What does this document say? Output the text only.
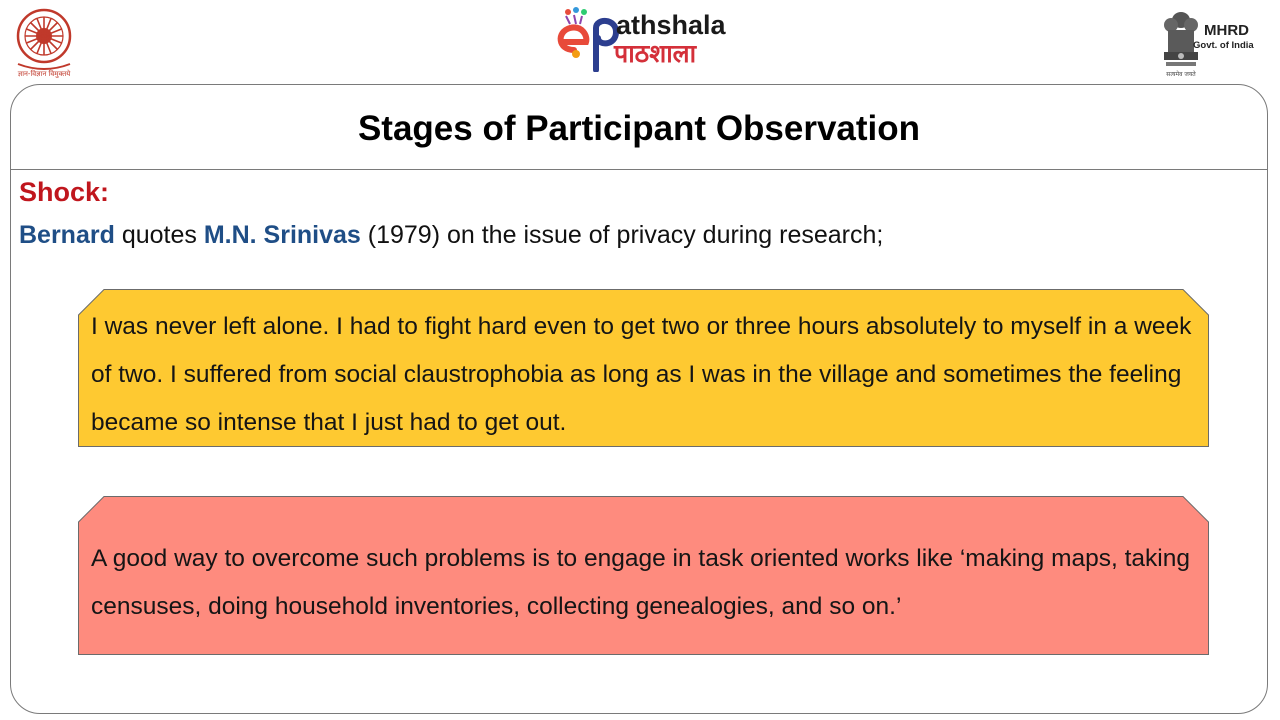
ज्ञान-विज्ञान विमुक्तये
athshala
पाठशाला
MHRD
Govt. of India
सत्यमेव जयते
Stages of Participant Observation
Shock:
Bernard quotes M.N. Srinivas (1979) on the issue of privacy during research;
I was never left alone. I had to fight hard even to get two or three hours absolutely to myself in a week of two. I suffered from social claustrophobia as long as I was in the village and sometimes the feeling became so intense that I just had to get out.
A good way to overcome such problems is to engage in task oriented works like ‘making maps, taking censuses, doing household inventories, collecting genealogies, and so on.’
